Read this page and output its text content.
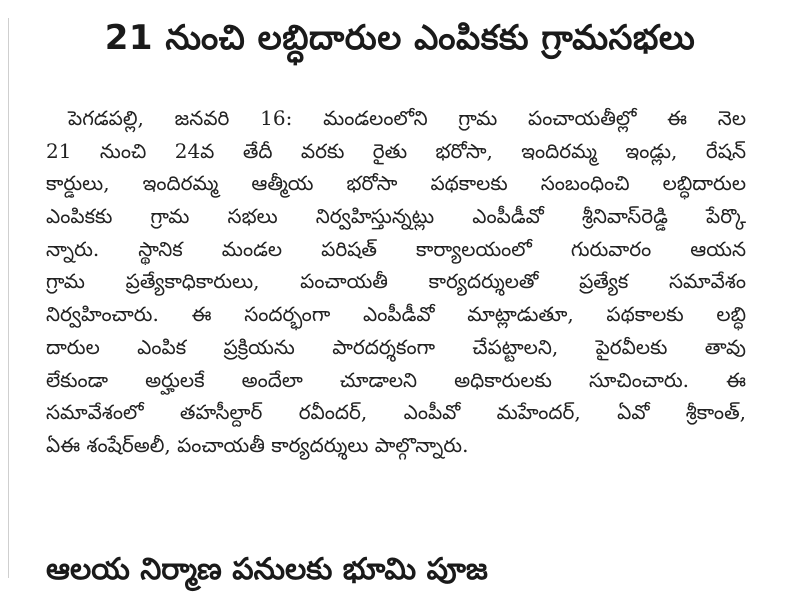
21 నుంచి లబ్ధిదారుల ఎంపికకు గ్రామసభలు
పెగడపల్లి, జనవరి 16: మండలంలోని గ్రామ పంచాయతీల్లో ఈ నెల
21 నుంచి 24వ తేదీ వరకు రైతు భరోసా, ఇందిరమ్మ ఇండ్లు, రేషన్
కార్డులు, ఇందిరమ్మ ఆత్మీయ భరోసా పథకాలకు సంబంధించి లబ్ధిదారుల
ఎంపికకు గ్రామ సభలు నిర్వహిస్తున్నట్లు ఎంపీడీవో శ్రీనివాస్‌రెడ్డి పేర్కొ
న్నారు. స్థానిక మండల పరిషత్ కార్యాలయంలో గురువారం ఆయన
గ్రామ ప్రత్యేకాధికారులు, పంచాయతీ కార్యదర్శులతో ప్రత్యేక సమావేశం
నిర్వహించారు. ఈ సందర్భంగా ఎంపీడీవో మాట్లాడుతూ, పథకాలకు లబ్ధి
దారుల ఎంపిక ప్రక్రియను పారదర్శకంగా చేపట్టాలని, పైరవీలకు తావు
లేకుండా అర్హులకే అందేలా చూడాలని అధికారులకు సూచించారు. ఈ
సమావేశంలో తహసీల్దార్ రవీందర్, ఎంపీవో మహేందర్, ఏవో శ్రీకాంత్,
ఏఈ శంషేర్‌అలీ, పంచాయతీ కార్యదర్శులు పాల్గొన్నారు.
ఆలయ నిర్మాణ పనులకు భూమి పూజ
